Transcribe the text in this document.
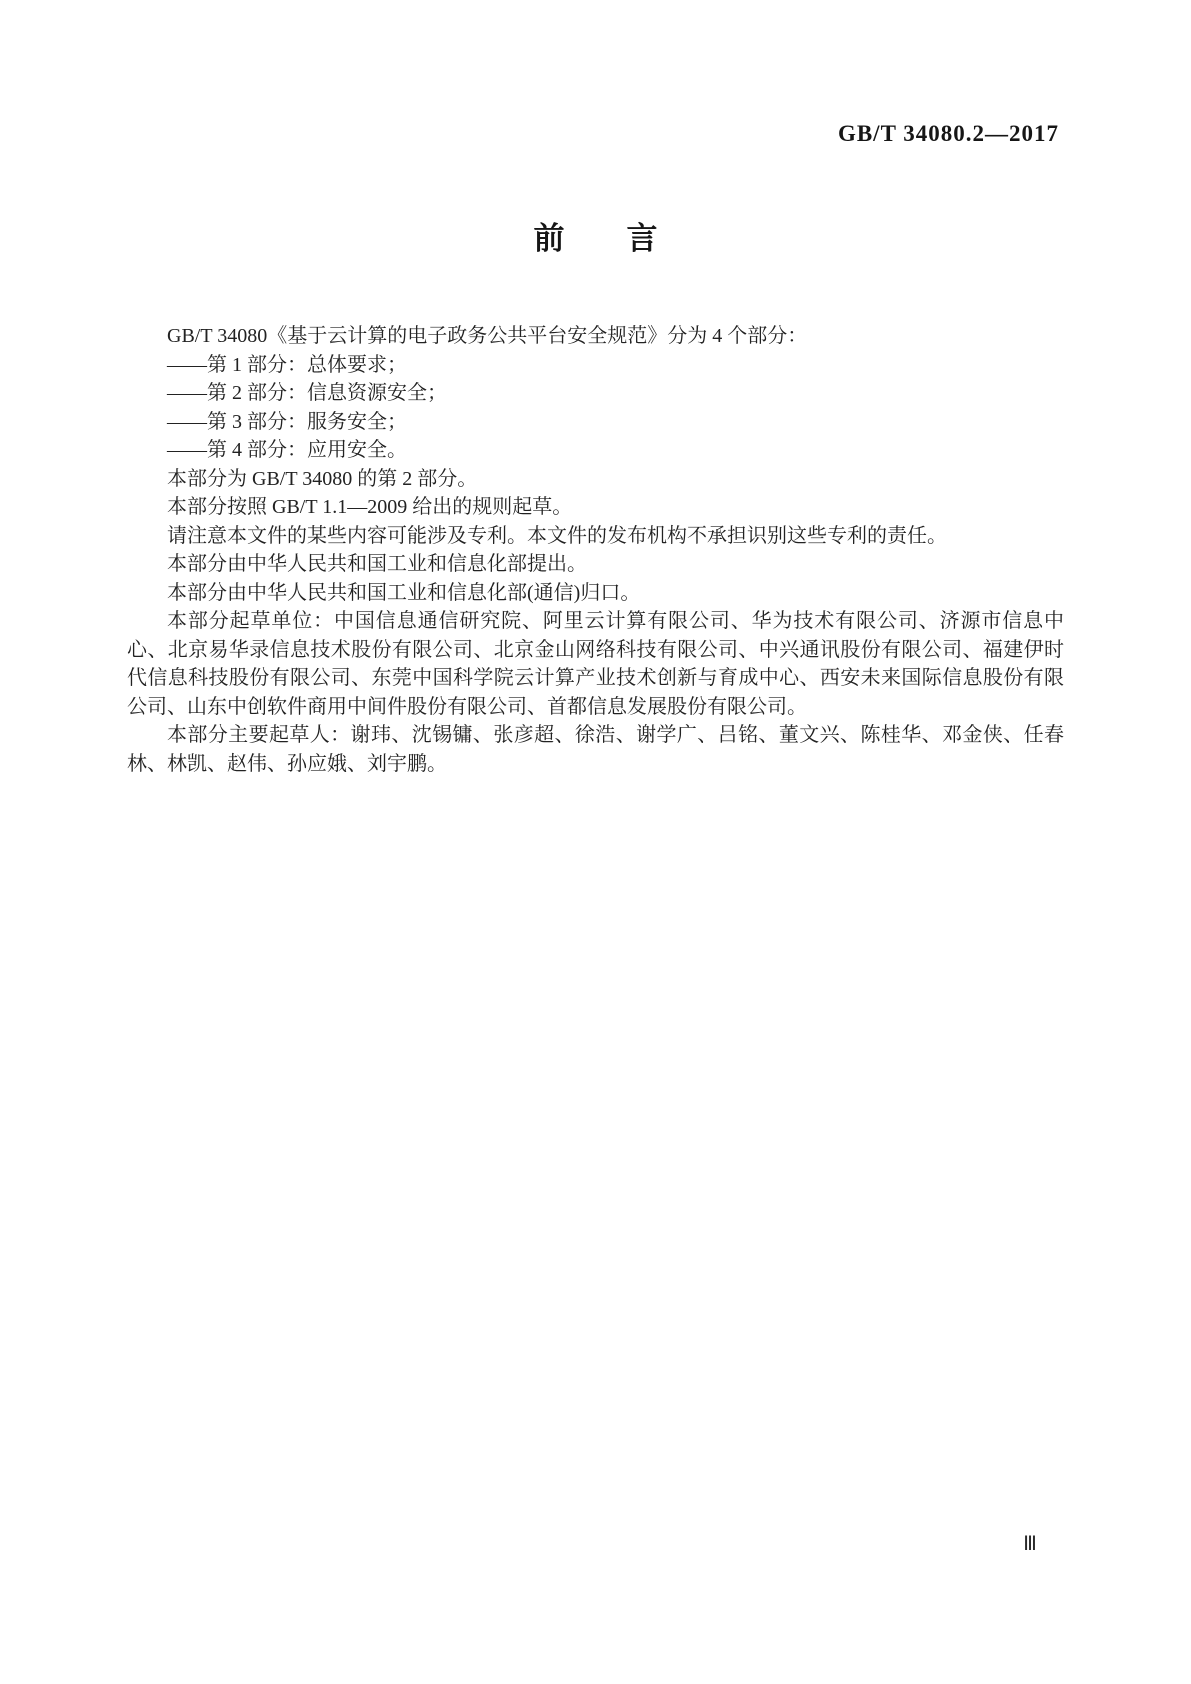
GB/T 34080.2—2017
前　　言

GB/T 34080《基于云计算的电子政务公共平台安全规范》分为 4 个部分：

——第 1 部分：总体要求；

——第 2 部分：信息资源安全；

——第 3 部分：服务安全；

——第 4 部分：应用安全。

本部分为 GB/T 34080 的第 2 部分。

本部分按照 GB/T 1.1—2009 给出的规则起草。

请注意本文件的某些内容可能涉及专利。本文件的发布机构不承担识别这些专利的责任。

本部分由中华人民共和国工业和信息化部提出。

本部分由中华人民共和国工业和信息化部(通信)归口。

本部分起草单位：中国信息通信研究院、阿里云计算有限公司、华为技术有限公司、济源市信息中心、北京易华录信息技术股份有限公司、北京金山网络科技有限公司、中兴通讯股份有限公司、福建伊时代信息科技股份有限公司、东莞中国科学院云计算产业技术创新与育成中心、西安未来国际信息股份有限公司、山东中创软件商用中间件股份有限公司、首都信息发展股份有限公司。

本部分主要起草人：谢玮、沈锡镛、张彦超、徐浩、谢学广、吕铭、董文兴、陈桂华、邓金侠、任春林、林凯、赵伟、孙应娥、刘宇鹏。

Ⅲ
